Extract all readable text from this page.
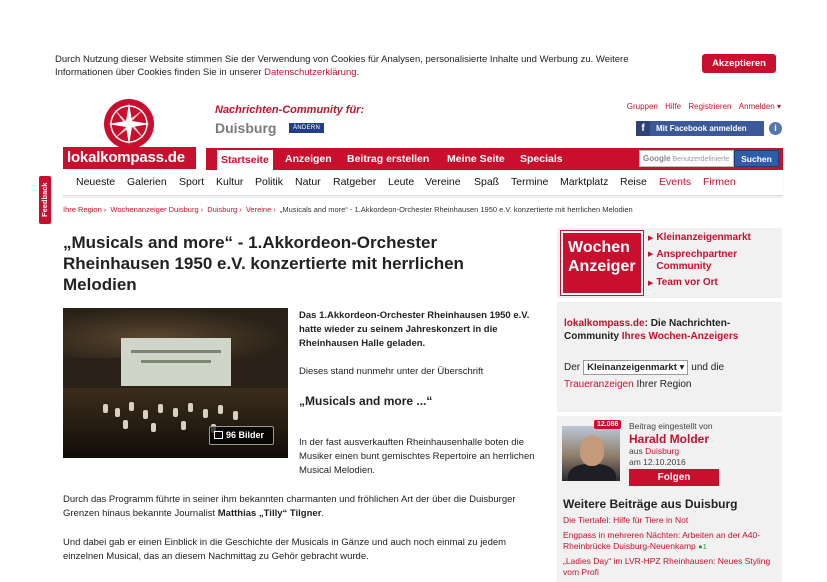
Durch Nutzung dieser Website stimmen Sie der Verwendung von Cookies für Analysen, personalisierte Inhalte und Werbung zu. Weitere Informationen über Cookies finden Sie in unserer Datenschutzerklärung.
Akzeptieren
lokalkompass.de
Nachrichten-Community für:
Duisburg	ÄNDERN
Gruppen Hilfe Registrieren Anmelden ▾
f Mit Facebook anmelden	i
Startseite	Anzeigen Beitrag erstellen Meine Seite Specials	Google Benutzerdefinierte	Suchen
Neueste Galerien Sport Kultur Politik Natur Ratgeber Leute Vereine Spaß Termine Marktplatz Reise Events Firmen
Feedback Ihre Region › Wochenanzeiger Duisburg › Duisburg › Vereine › „Musicals and more“ - 1.Akkordeon-Orchester Rheinhausen 1950 e.V. konzertierte mit herrlichen Melodien
„Musicals and more“ - 1.Akkordeon-Orchester Rheinhausen 1950 e.V. konzertierte mit herrlichen Melodien
96 Bilder

Das 1.Akkordeon-Orchester Rheinhausen 1950 e.V. hatte wieder zu seinem Jahreskonzert in die Rheinhausen Halle geladen.

Dieses stand nunmehr unter der Überschrift

„Musicals and more ...“

In der fast ausverkauften Rheinhausenhalle boten die Musiker einen bunt gemischtes Repertoire an herrlichen Musical Melodien.

Durch das Programm führte in seiner ihm bekannten charmanten und fröhlichen Art der über die Duisburger Grenzen hinaus bekannte Journalist Matthias „Tilly“ Tilgner.

Und dabei gab er einen Einblick in die Geschichte der Musicals in Gänze und auch noch einmal zu jedem einzelnen Musical, das an diesem Nachmittag zu Gehör gebracht wurde.

Wochen
Anzeiger
▶ Kleinanzeigenmarkt
▶ Ansprechpartner Community
▶ Team vor Ort
lokalkompass.de: Die Nachrichten-Community Ihres Wochen-Anzeigers
Der Kleinanzeigenmarkt ▾ und die
Traueranzeigen Ihrer Region
12.086	Beitrag eingestellt von
Harald Molder
aus Duisburg
am 12.10.2016
Folgen
Weitere Beiträge aus Duisburg
Die Tiertafel: Hilfe für Tiere in Not
Engpass in mehreren Nächten: Arbeiten an der A40-Rheinbrücke Duisburg-Neuenkamp ●1
„Ladies Day“ im LVR-HPZ Rheinhausen: Neues Styling vom Profi
